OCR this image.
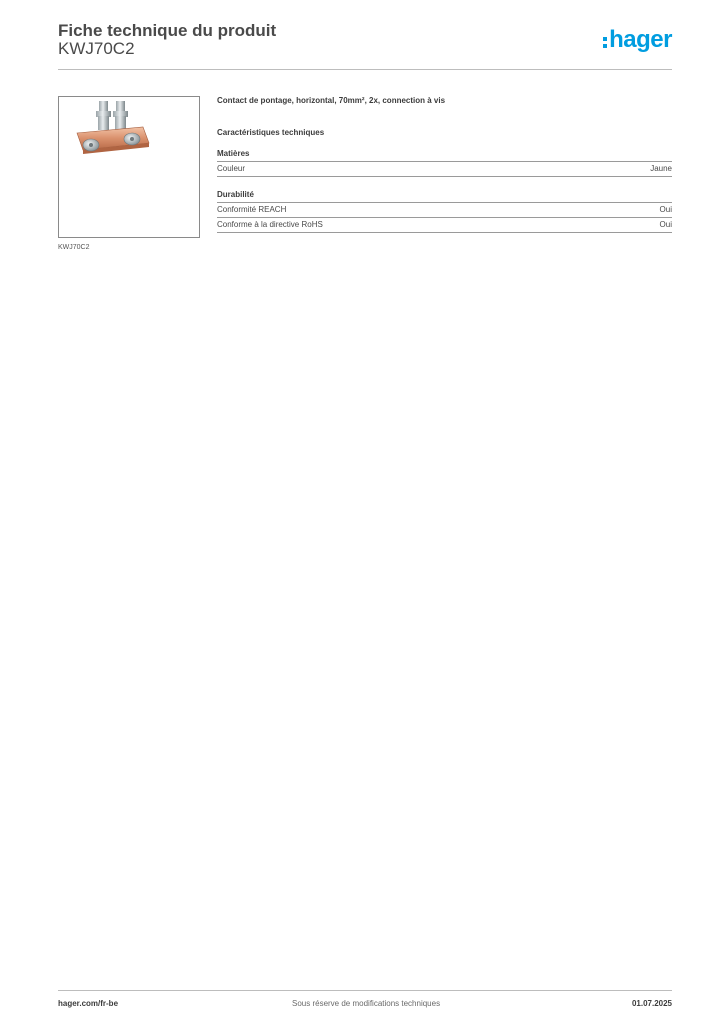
Fiche technique du produit
KWJ70C2	hager
KWJ70C2

Contact de pontage, horizontal, 70mm², 2x, connection à vis

Caractéristiques techniques

Matières

Couleur	Jaune

Durabilité

Conformité REACH	Oui
Conforme à la directive RoHS	Oui
hager.com/fr-be	Sous réserve de modifications techniques	01.07.2025
